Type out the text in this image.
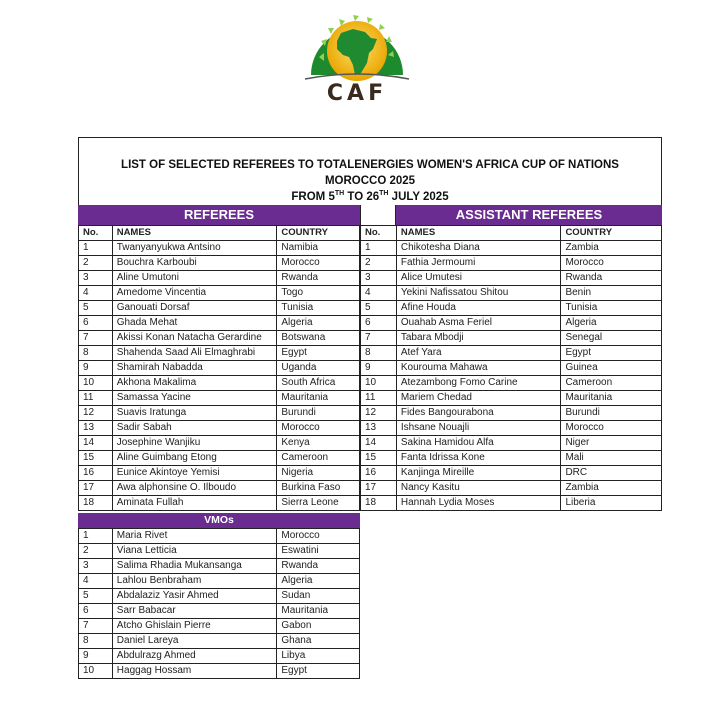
CAF
LIST OF SELECTED REFEREES TO TOTALENERGIES WOMEN'S AFRICA CUP OF NATIONS
MOROCCO 2025
FROM 5TH TO 26TH JULY 2025
REFEREES	ASSISTANT REFEREES
No.	NAMES	COUNTRY
1	Twanyanyukwa Antsino	Namibia
2	Bouchra Karboubi	Morocco
3	Aline Umutoni	Rwanda
4	Amedome Vincentia	Togo
5	Ganouati Dorsaf	Tunisia
6	Ghada Mehat	Algeria
7	Akissi Konan Natacha Gerardine	Botswana
8	Shahenda Saad Ali Elmaghrabi	Egypt
9	Shamirah Nabadda	Uganda
10	Akhona Makalima	South Africa
11	Samassa Yacine	Mauritania
12	Suavis Iratunga	Burundi
13	Sadir Sabah	Morocco
14	Josephine Wanjiku	Kenya
15	Aline Guimbang Etong	Cameroon
16	Eunice Akintoye Yemisi	Nigeria
17	Awa alphonsine O. Ilboudo	Burkina Faso
18	Aminata Fullah	Sierra Leone
No.	NAMES	COUNTRY
1	Chikotesha Diana	Zambia
2	Fathia Jermoumi	Morocco
3	Alice Umutesi	Rwanda
4	Yekini Nafissatou Shitou	Benin
5	Afine Houda	Tunisia
6	Ouahab Asma Feriel	Algeria
7	Tabara Mbodji	Senegal
8	Atef Yara	Egypt
9	Kourouma Mahawa	Guinea
10	Atezambong Fomo Carine	Cameroon
11	Mariem Chedad	Mauritania
12	Fides Bangourabona	Burundi
13	Ishsane Nouajli	Morocco
14	Sakina Hamidou Alfa	Niger
15	Fanta Idrissa Kone	Mali
16	Kanjinga Mireille	DRC
17	Nancy Kasitu	Zambia
18	Hannah Lydia Moses	Liberia
VMOs
1	Maria Rivet	Morocco
2	Viana Letticia	Eswatini
3	Salima Rhadia Mukansanga	Rwanda
4	Lahlou Benbraham	Algeria
5	Abdalaziz Yasir Ahmed	Sudan
6	Sarr Babacar	Mauritania
7	Atcho Ghislain Pierre	Gabon
8	Daniel Lareya	Ghana
9	Abdulrazg Ahmed	Libya
10	Haggag Hossam	Egypt
